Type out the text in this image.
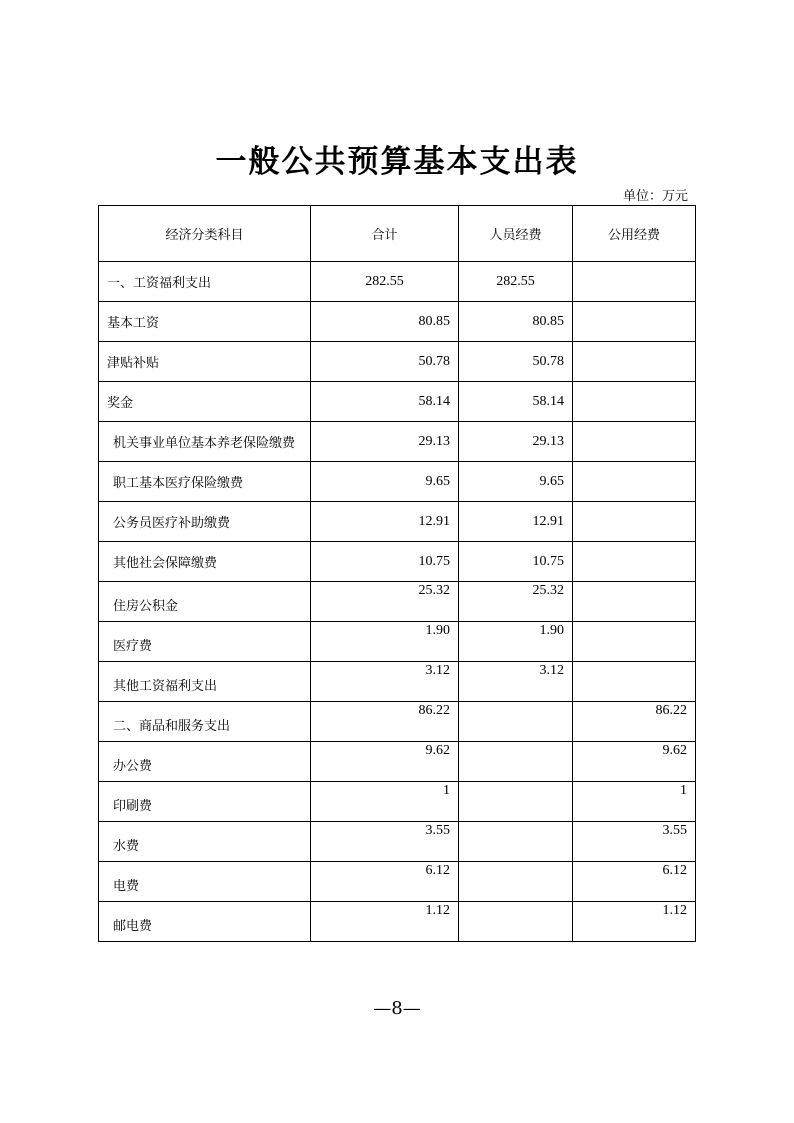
一般公共预算基本支出表
单位：万元
经济分类科目	合计	人员经费	公用经费
一、工资福利支出	282.55	282.55	
基本工资	80.85	80.85	
津贴补贴	50.78	50.78	
奖金	58.14	58.14	
机关事业单位基本养老保险缴费	29.13	29.13	
职工基本医疗保险缴费	9.65	9.65	
公务员医疗补助缴费	12.91	12.91	
其他社会保障缴费	10.75	10.75	
住房公积金	25.32	25.32	
医疗费	1.90	1.90	
其他工资福利支出	3.12	3.12	
二、商品和服务支出	86.22		86.22
办公费	9.62		9.62
印刷费	1		1
水费	3.55		3.55
电费	6.12		6.12
邮电费	1.12		1.12
—8—
